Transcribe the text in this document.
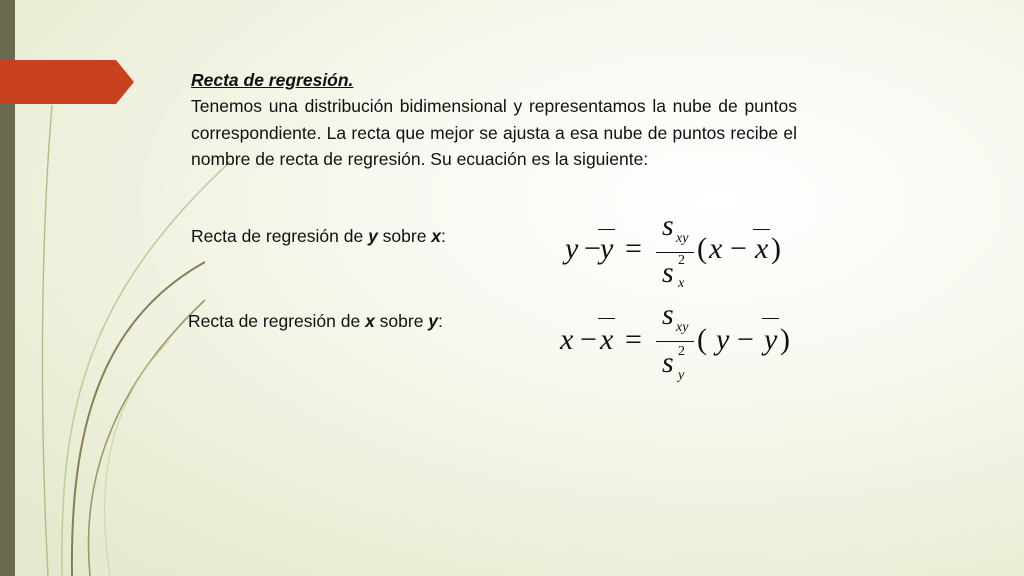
Recta de regresión.

Tenemos una distribución bidimensional y representamos la nube de puntos correspondiente. La recta que mejor se ajusta a esa nube de puntos recibe el nombre de recta de regresión. Su ecuación es la siguiente:

Recta de regresión de y sobre x:
Recta de regresión de x sobre y:
y − y =
s xy
s 2
x
( x − x )
x − x =
s xy
s 2
y
( y − y )
